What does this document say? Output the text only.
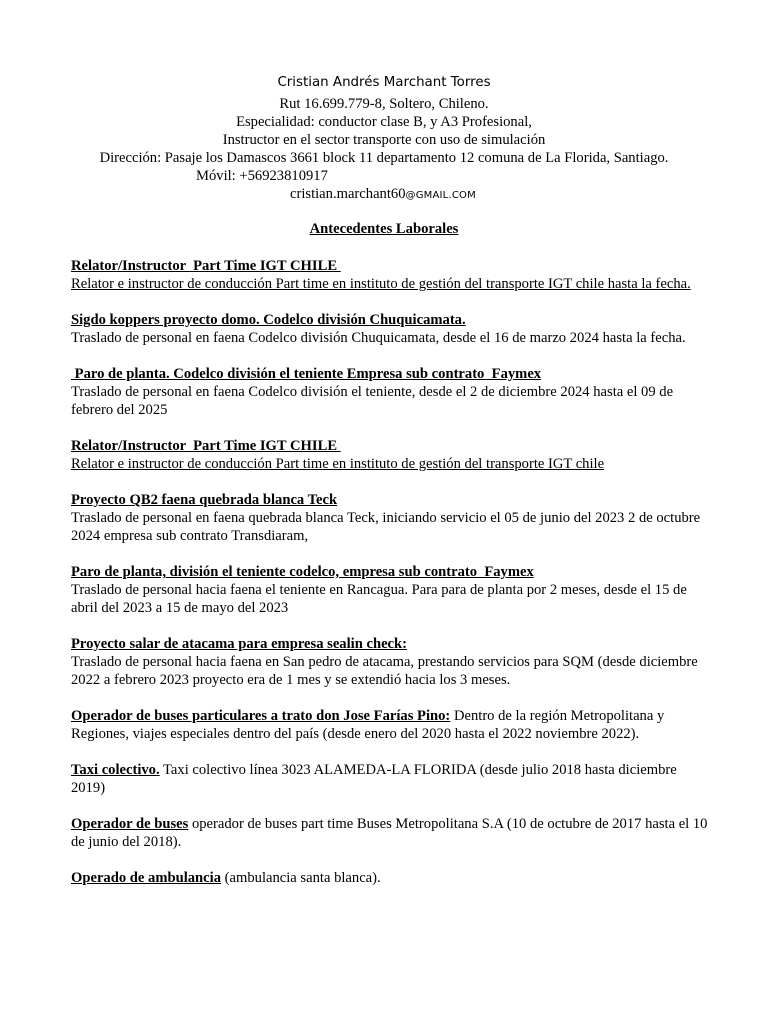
Cristian Andrés Marchant Torres
Rut 16.699.779-8, Soltero, Chileno.
Especialidad: conductor clase B, y A3 Profesional,
Instructor en el sector transporte con uso de simulación
Dirección: Pasaje los Damascos 3661 block 11 departamento 12 comuna de La Florida, Santiago.
Móvil: +56923810917
cristian.marchant60@GMAIL.COM
Antecedentes Laborales
Relator/Instructor  Part Time IGT CHILE
Relator e instructor de conducción Part time en instituto de gestión del transporte IGT chile hasta la fecha.
Sigdo koppers proyecto domo. Codelco división Chuquicamata.
Traslado de personal en faena Codelco división Chuquicamata, desde el 16 de marzo 2024 hasta la fecha.
Paro de planta. Codelco división el teniente Empresa sub contrato  Faymex
Traslado de personal en faena Codelco división el teniente, desde el 2 de diciembre 2024 hasta el 09 de febrero del 2025
Relator/Instructor  Part Time IGT CHILE
Relator e instructor de conducción Part time en instituto de gestión del transporte IGT chile
Proyecto QB2 faena quebrada blanca Teck
Traslado de personal en faena quebrada blanca Teck, iniciando servicio el 05 de junio del 2023 2 de octubre 2024 empresa sub contrato Transdiaram,
Paro de planta, división el teniente codelco, empresa sub contrato  Faymex
Traslado de personal hacia faena el teniente en Rancagua. Para para de planta por 2 meses, desde el 15 de abril del 2023 a 15 de mayo del 2023
Proyecto salar de atacama para empresa sealin check:
Traslado de personal hacia faena en San pedro de atacama, prestando servicios para SQM (desde diciembre 2022 a febrero 2023 proyecto era de 1 mes y se extendió hacia los 3 meses.
Operador de buses particulares a trato don Jose Farías Pino: Dentro de la región Metropolitana y Regiones, viajes especiales dentro del país (desde enero del 2020 hasta el 2022 noviembre 2022).
Taxi colectivo. Taxi colectivo línea 3023 ALAMEDA-LA FLORIDA (desde julio 2018 hasta diciembre 2019)
Operador de buses operador de buses part time Buses Metropolitana S.A (10 de octubre de 2017 hasta el 10 de junio del 2018).
Operado de ambulancia (ambulancia santa blanca).
